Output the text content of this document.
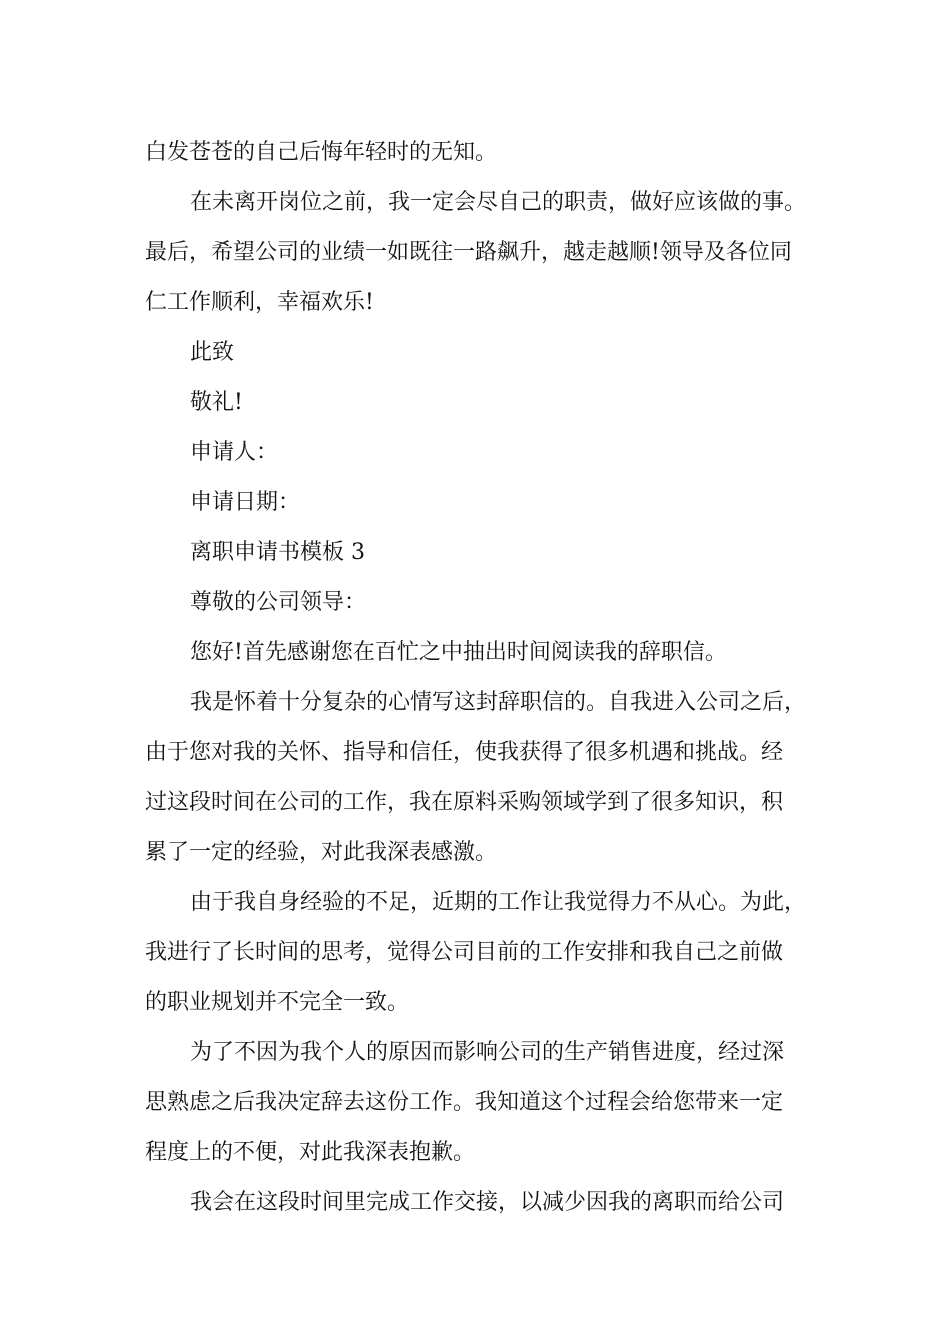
白发苍苍的自己后悔年轻时的无知。
在未离开岗位之前，我一定会尽自己的职责，做好应该做的事。
最后，希望公司的业绩一如既往一路飙升，越走越顺!领导及各位同
仁工作顺利，幸福欢乐!
此致
敬礼!
申请人：
申请日期：
离职申请书模板 3
尊敬的公司领导：
您好!首先感谢您在百忙之中抽出时间阅读我的辞职信。
我是怀着十分复杂的心情写这封辞职信的。自我进入公司之后，
由于您对我的关怀、指导和信任，使我获得了很多机遇和挑战。经
过这段时间在公司的工作，我在原料采购领域学到了很多知识，积
累了一定的经验，对此我深表感激。
由于我自身经验的不足，近期的工作让我觉得力不从心。为此，
我进行了长时间的思考，觉得公司目前的工作安排和我自己之前做
的职业规划并不完全一致。
为了不因为我个人的原因而影响公司的生产销售进度，经过深
思熟虑之后我决定辞去这份工作。我知道这个过程会给您带来一定
程度上的不便，对此我深表抱歉。
我会在这段时间里完成工作交接，以减少因我的离职而给公司
